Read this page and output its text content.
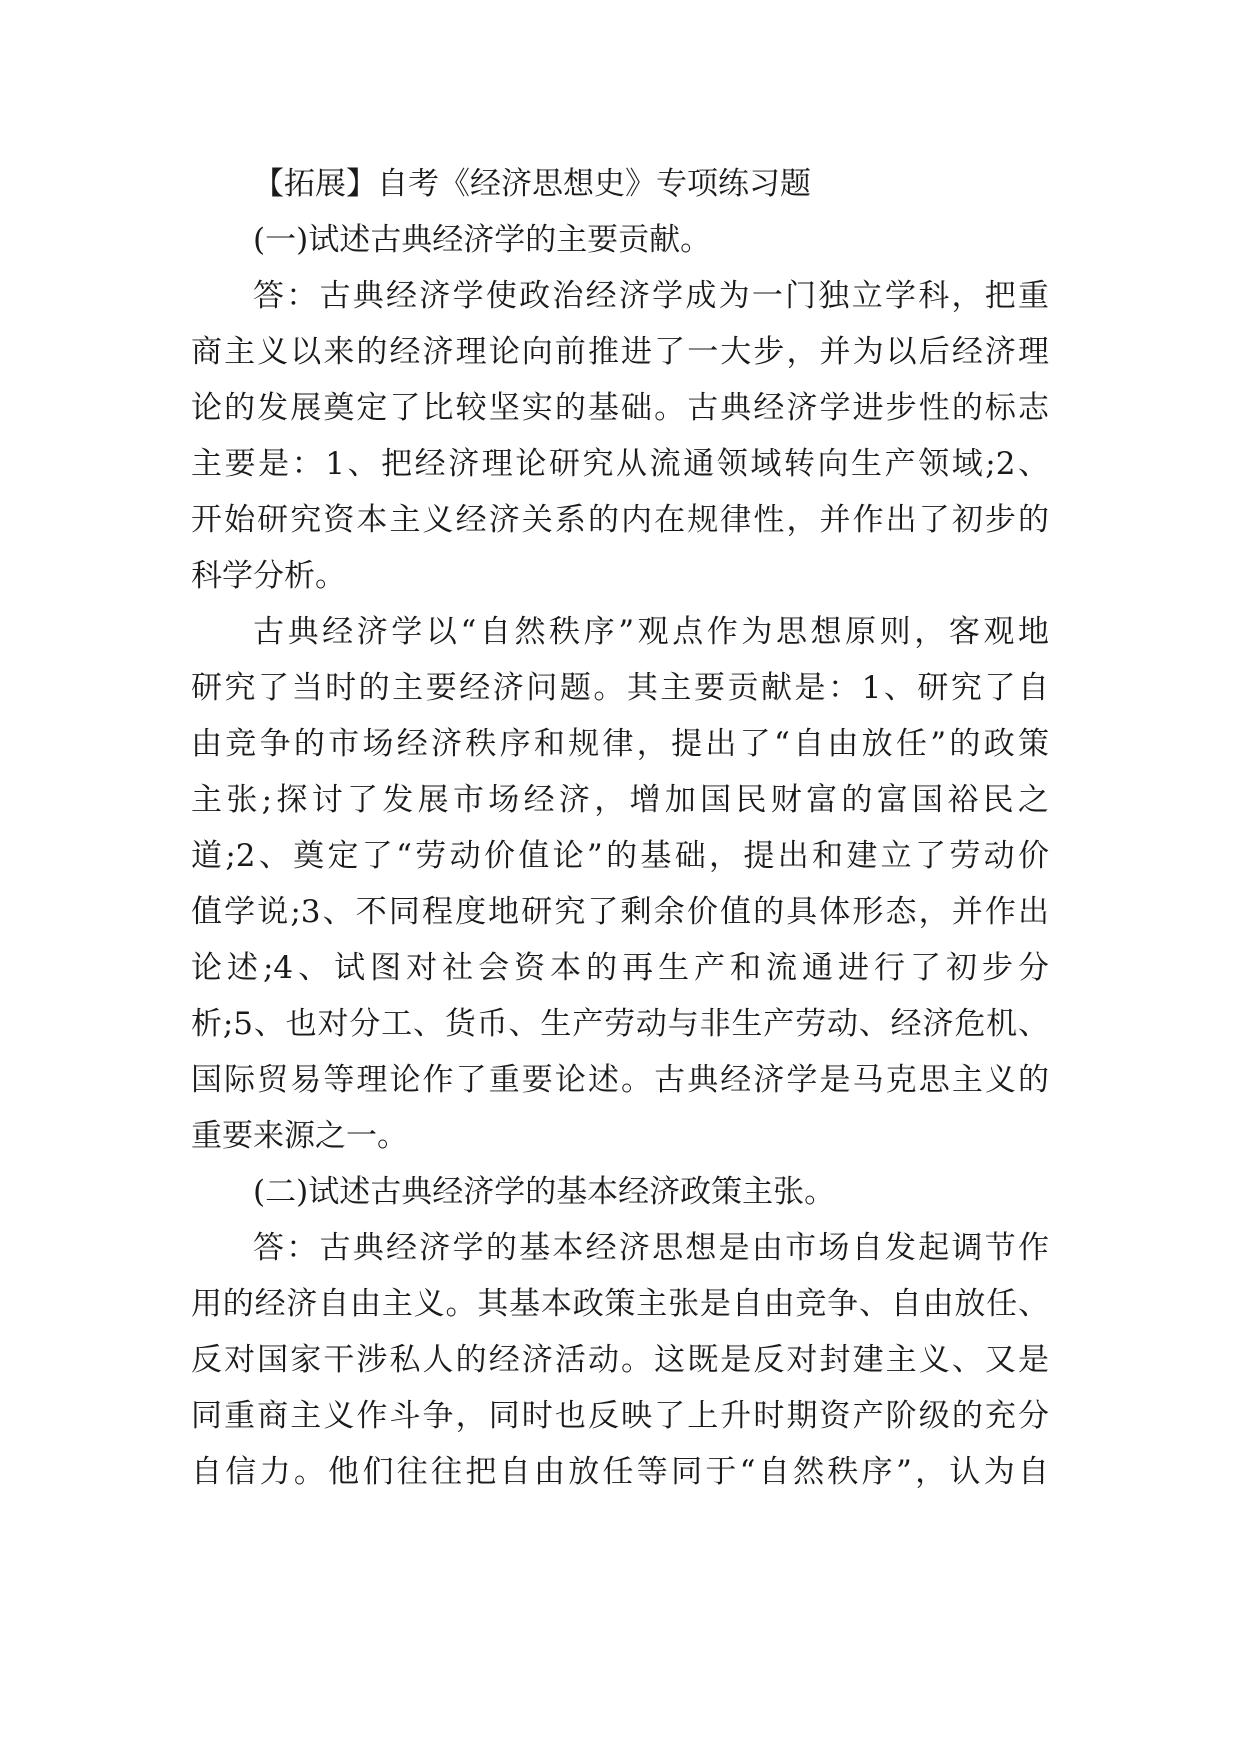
【拓展】自考《经济思想史》专项练习题

(一)试述古典经济学的主要贡献。

答：古典经济学使政治经济学成为一门独立学科，把重

商主义以来的经济理论向前推进了一大步，并为以后经济理

论的发展奠定了比较坚实的基础。古典经济学进步性的标志

主要是：1、把经济理论研究从流通领域转向生产领域;2、

开始研究资本主义经济关系的内在规律性，并作出了初步的

科学分析。

古典经济学以“自然秩序”观点作为思想原则，客观地

研究了当时的主要经济问题。其主要贡献是：1、研究了自

由竞争的市场经济秩序和规律，提出了“自由放任”的政策

主张;探讨了发展市场经济，增加国民财富的富国裕民之

道;2、奠定了“劳动价值论”的基础，提出和建立了劳动价

值学说;3、不同程度地研究了剩余价值的具体形态，并作出

论述;4、试图对社会资本的再生产和流通进行了初步分

析;5、也对分工、货币、生产劳动与非生产劳动、经济危机、

国际贸易等理论作了重要论述。古典经济学是马克思主义的

重要来源之一。

(二)试述古典经济学的基本经济政策主张。

答：古典经济学的基本经济思想是由市场自发起调节作

用的经济自由主义。其基本政策主张是自由竞争、自由放任、

反对国家干涉私人的经济活动。这既是反对封建主义、又是

同重商主义作斗争，同时也反映了上升时期资产阶级的充分

自信力。他们往往把自由放任等同于“自然秩序”，认为自
